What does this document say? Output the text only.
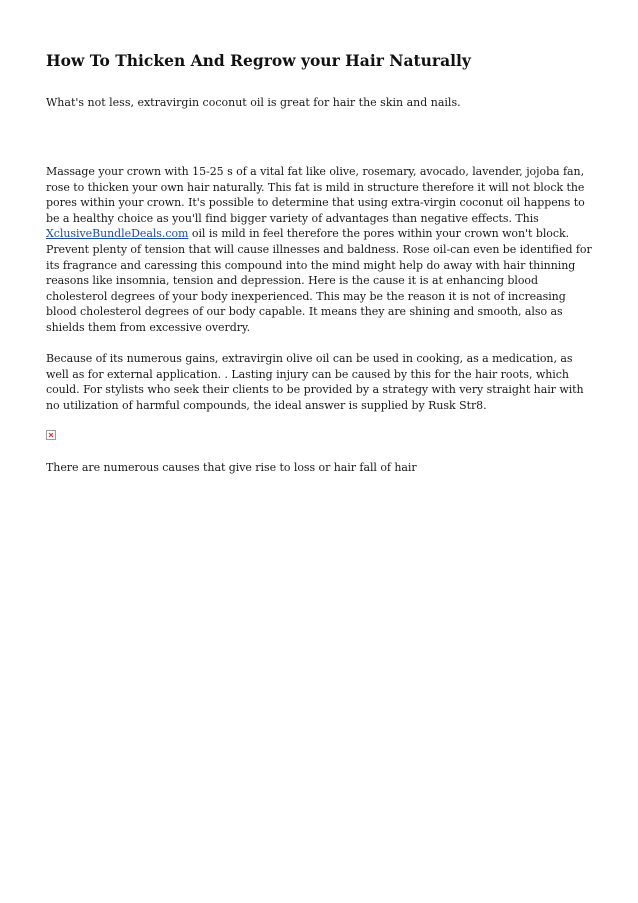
How To Thicken And Regrow your Hair Naturally

What's not less, extravirgin coconut oil is great for hair the skin and nails.

Massage your crown with 15-25 s of a vital fat like olive, rosemary, avocado, lavender, jojoba fan, rose to thicken your own hair naturally. This fat is mild in structure therefore it will not block the pores within your crown. It's possible to determine that using extra-virgin coconut oil happens to be a healthy choice as you'll find bigger variety of advantages than negative effects. This XclusiveBundleDeals.com oil is mild in feel therefore the pores within your crown won't block. Prevent plenty of tension that will cause illnesses and baldness. Rose oil-can even be identified for its fragrance and caressing this compound into the mind might help do away with hair thinning reasons like insomnia, tension and depression. Here is the cause it is at enhancing blood cholesterol degrees of your body inexperienced. This may be the reason it is not of increasing blood cholesterol degrees of our body capable. It means they are shining and smooth, also as shields them from excessive overdry.

Because of its numerous gains, extravirgin olive oil can be used in cooking, as a medication, as well as for external application. . Lasting injury can be caused by this for the hair roots, which could. For stylists who seek their clients to be provided by a strategy with very straight hair with no utilization of harmful compounds, the ideal answer is supplied by Rusk Str8.

There are numerous causes that give rise to loss or hair fall of hair
